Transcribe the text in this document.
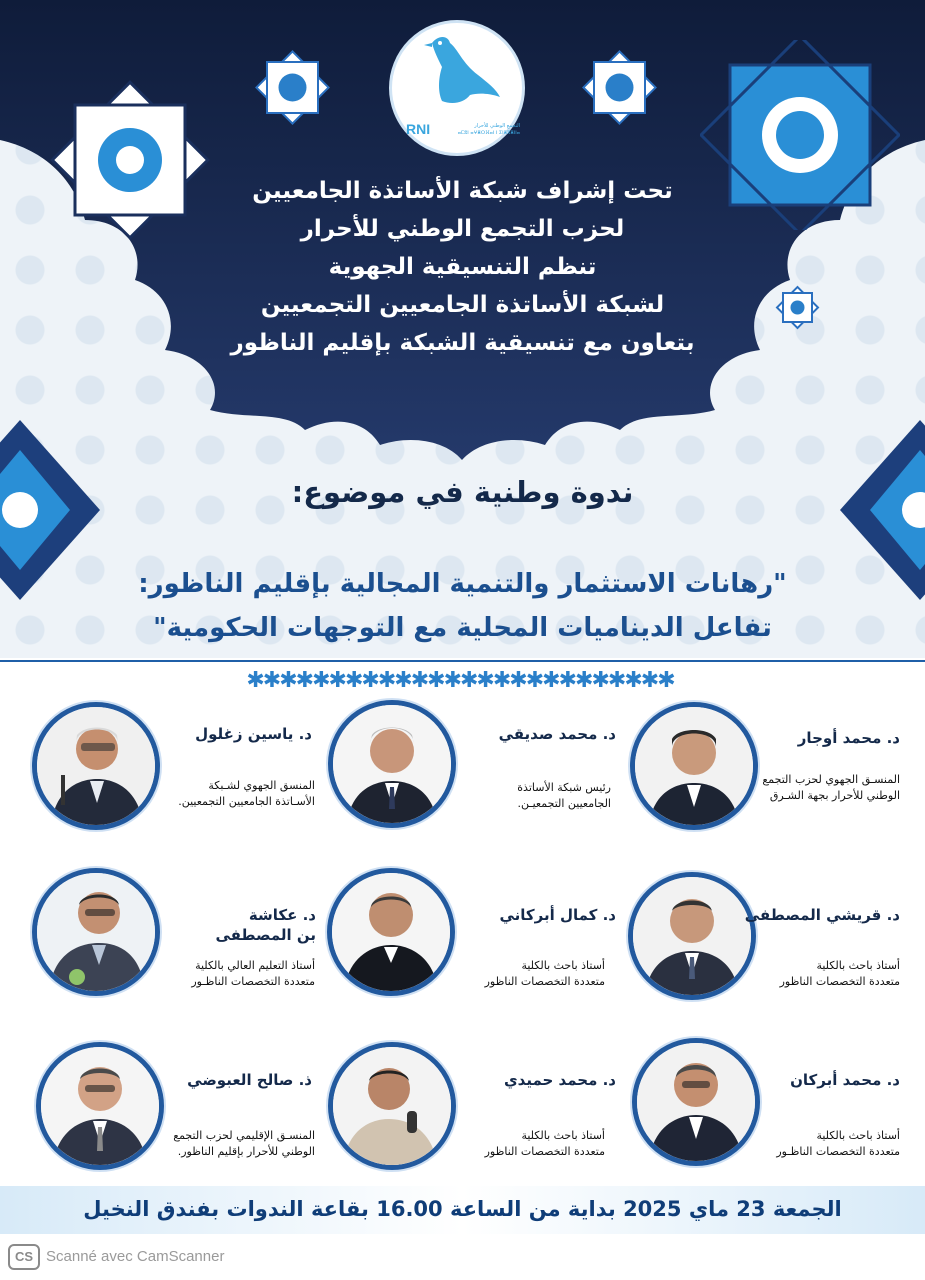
RNI	التجمع الوطني للأحرار
ⴰⵎⵓⵏ ⴰⵖⴻⵔⴼⴰⵏ ⵏ ⵉⵏⴻⴳⴻⵏⵏⴰ
تحت إشراف شبكة الأساتذة الجامعيين
لحزب التجمع الوطني للأحرار
تنظم التنسيقية الجهوية
لشبكة الأساتذة الجامعيين التجمعيين
بتعاون مع تنسيقية الشبكة بإقليم الناظور
ندوة وطنية في موضوع:
"رهانات الاستثمار والتنمية المجالية بإقليم الناظور:
تفاعل الديناميات المحلية مع التوجهات الحكومية"
✱✱✱✱✱✱✱✱✱✱✱✱✱✱✱✱✱✱✱✱✱✱✱✱✱✱
د. محمد أوجار
المنسـق الجهوي لحزب التجمع
الوطني للأحرار بجهة الشـرق
د. محمد صديقي
رئيس شبكة الأساتذة
الجامعيين التجمعيـن.
د. ياسين زغلول
المنسق الجهوي لشـبكة
الأسـاتذة الجامعيين التجمعيين.
د. قريشي المصطفى
أستاذ باحث بالكلية
متعددة التخصصات الناظور
د. كمال أبركاني
أستاذ باحث بالكلية
متعددة التخصصات الناظور
د. عكاشة
بن المصطفى
أستاذ التعليم العالي بالكلية
متعددة التخصصات الناظـور
د. محمد أبركان
أستاذ باحث بالكلية
متعددة التخصصات الناظـور
د. محمد حميدي
أستاذ باحث بالكلية
متعددة التخصصات الناظور
ذ. صالح العبوضي
المنسـق الإقليمي لحزب التجمع
الوطني للأحرار بإقليم الناظور.
الجمعة 23 ماي 2025 بداية من الساعة 16.00 بقاعة الندوات بفندق النخيل
CS Scanné avec CamScanner
